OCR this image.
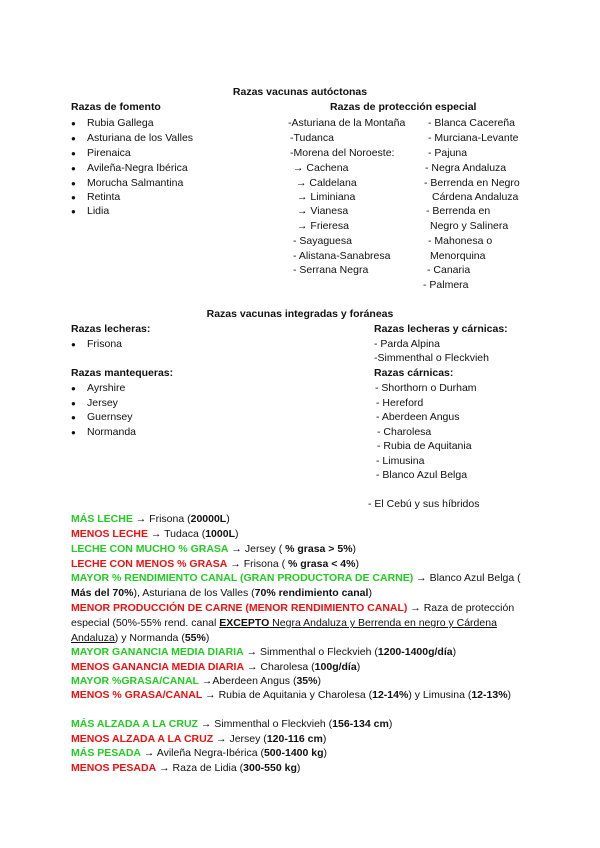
Razas vacunas autóctonas
Razas de fomento	Razas de protección especial
● Rubia Gallega
● Asturiana de los Valles
● Pirenaica
● Avileña-Negra Ibérica
● Morucha Salmantina
● Retinta
● Lidia
-Asturiana de la Montaña
-Tudanca
-Morena del Noroeste:
→ Cachena
→ Caldelana
→ Liminiana
→ Vianesa
→ Frieresa
- Sayaguesa
- Alistana-Sanabresa
- Serrana Negra
- Blanca Cacereña
- Murciana-Levante
- Pajuna
- Negra Andaluza
- Berrenda en Negro
Cárdena Andaluza
- Berrenda en
Negro y Salinera
- Mahonesa o
Menorquina
- Canaria
- Palmera
Razas vacunas integradas y foráneas
Razas lecheras:
● Frisona
Razas mantequeras:
● Ayrshire
● Jersey
● Guernsey
● Normanda
Razas lecheras y cárnicas:
- Parda Alpina
-Simmenthal o Fleckvieh
Razas cárnicas:
- Shorthorn o Durham
- Hereford
- Aberdeen Angus
- Charolesa
- Rubia de Aquitania
- Limusina
- Blanco Azul Belga
- El Cebú y sus híbridos
MÁS LECHE → Frisona (20000L)
MENOS LECHE → Tudaca (1000L)
LECHE CON MUCHO % GRASA → Jersey ( % grasa > 5%)
LECHE CON MENOS % GRASA → Frisona ( % grasa < 4%)
MAYOR % RENDIMIENTO CANAL (GRAN PRODUCTORA DE CARNE) → Blanco Azul Belga ( Más del 70%), Asturiana de los Valles (70% rendimiento canal)
MENOR PRODUCCIÓN DE CARNE (MENOR RENDIMIENTO CANAL) → Raza de protección especial (50%-55% rend. canal EXCEPTO Negra Andaluza y Berrenda en negro y Cárdena Andaluza) y Normanda (55%)
MAYOR GANANCIA MEDIA DIARIA → Simmenthal o Fleckvieh (1200-1400g/día)
MENOS GANANCIA MEDIA DIARIA → Charolesa (100g/día)
MAYOR %GRASA/CANAL →Aberdeen Angus (35%)
MENOS % GRASA/CANAL → Rubia de Aquitania y Charolesa (12-14%) y Limusina (12-13%)
MÁS ALZADA A LA CRUZ → Simmenthal o Fleckvieh (156-134 cm)
MENOS ALZADA A LA CRUZ → Jersey (120-116 cm)
MÁS PESADA → Avileña Negra-Ibérica (500-1400 kg)
MENOS PESADA → Raza de Lidia (300-550 kg)
